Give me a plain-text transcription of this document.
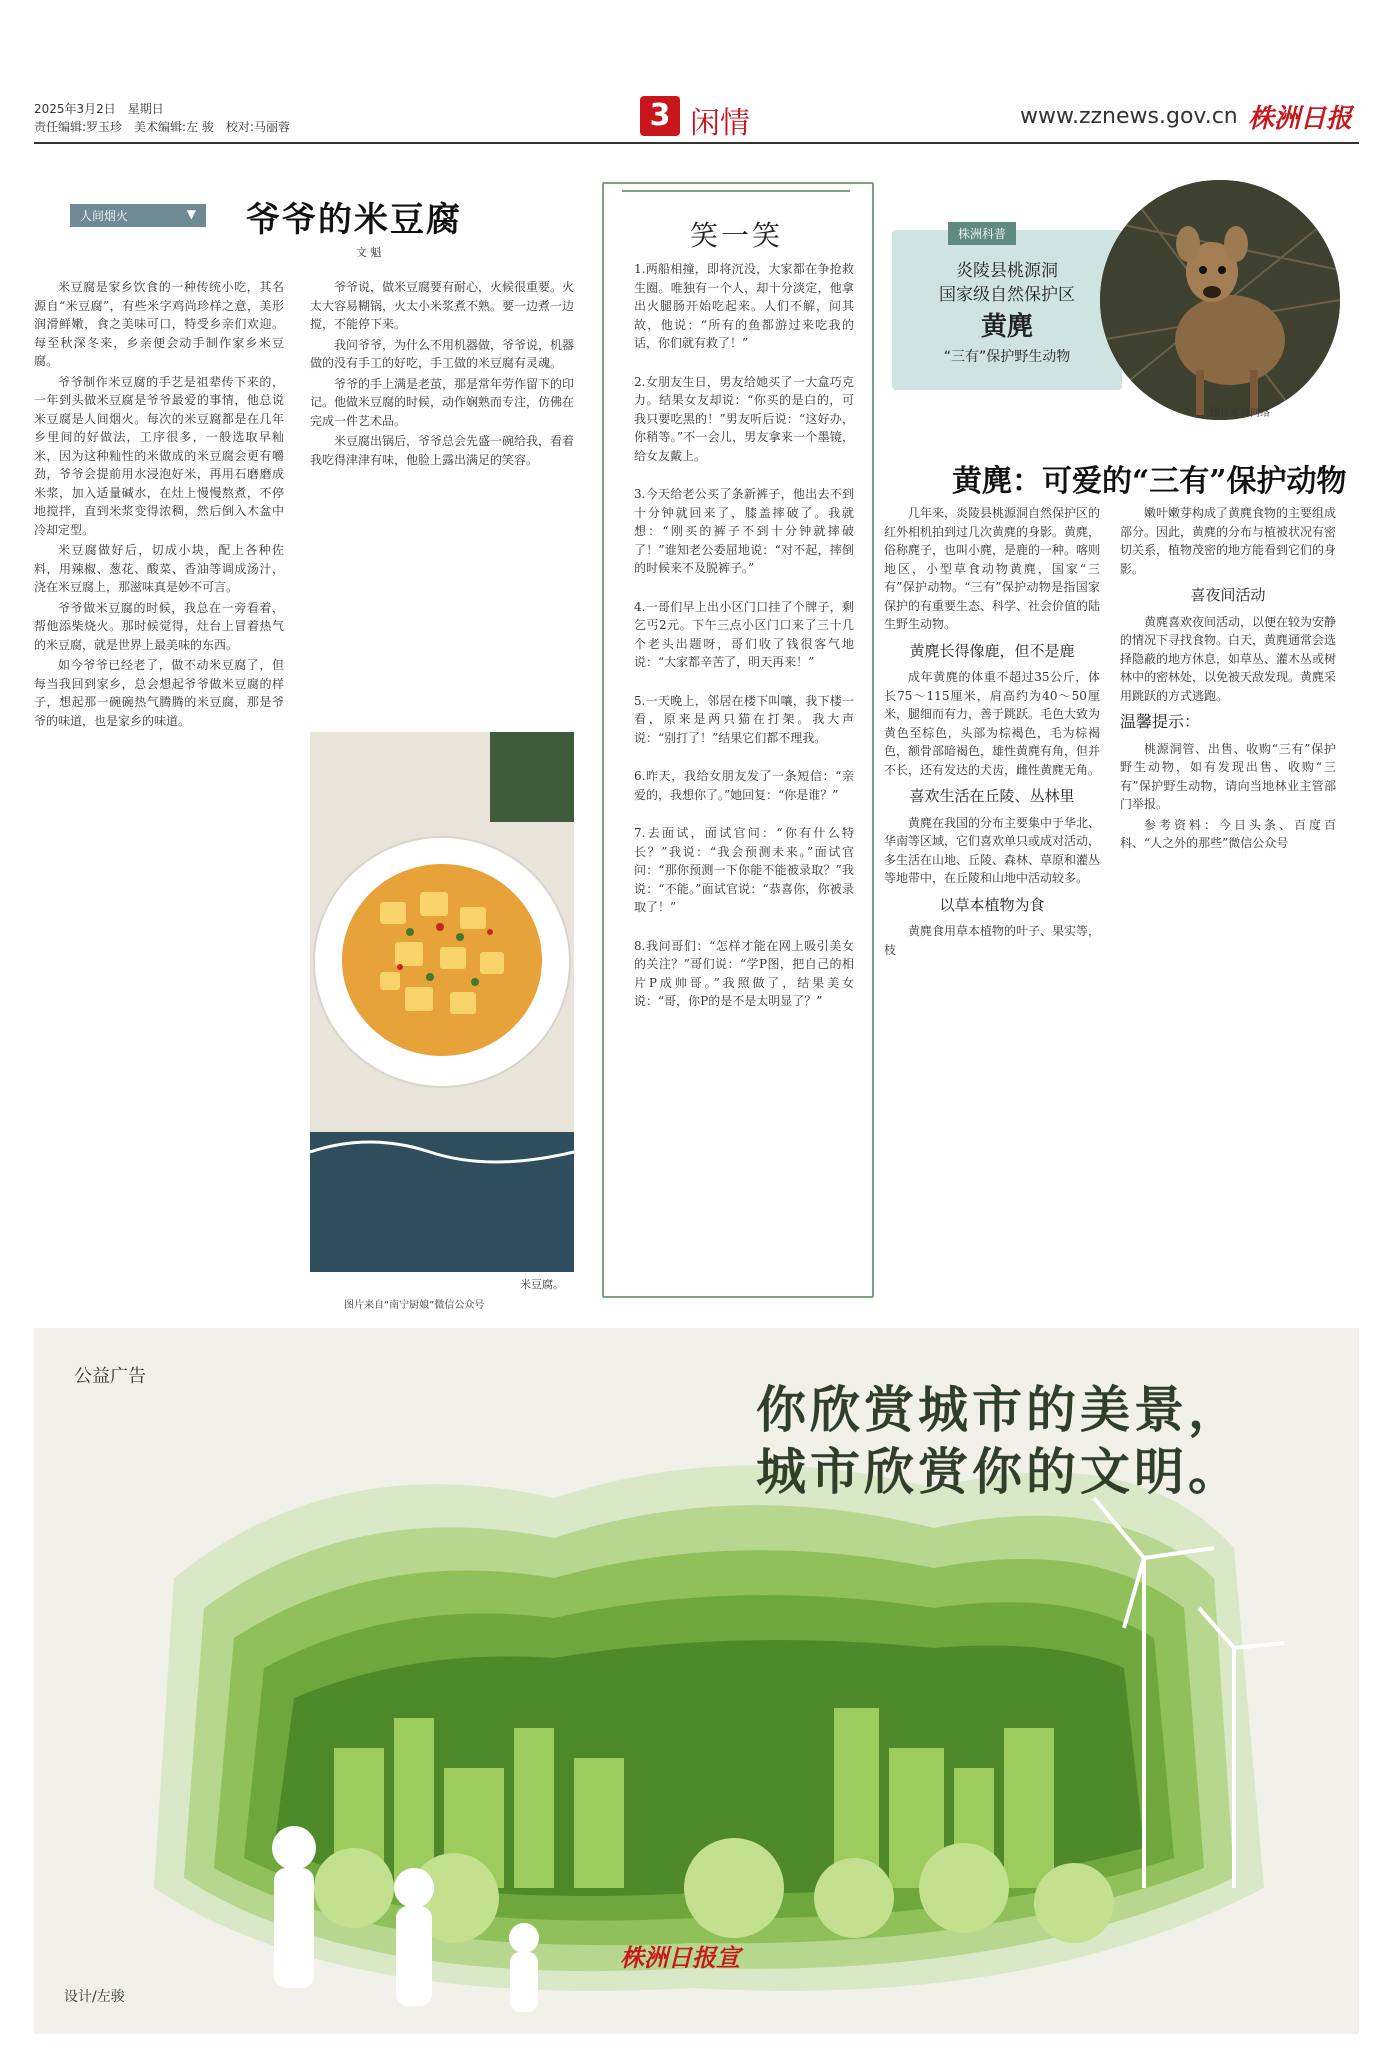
2025年3月2日　星期日
责任编辑:罗玉珍　美术编辑:左 骏　校对:马丽蓉	3 闲情	www.zznews.gov.cn 株洲日报
人间烟火	▼ 爷爷的米豆腐
文 魁

米豆腐是家乡饮食的一种传统小吃，其名源自“米豆腐”，有些米字鸡尚珍样之意，美形润滑鲜嫩，食之美味可口，特受乡亲们欢迎。每至秋深冬来，乡亲便会动手制作家乡米豆腐。

爷爷制作米豆腐的手艺是祖辈传下来的，一年到头做米豆腐是爷爷最爱的事情，他总说米豆腐是人间烟火。每次的米豆腐都是在几年乡里间的好做法，工序很多，一般选取早籼米，因为这种籼性的米做成的米豆腐会更有嚼劲，爷爷会提前用水浸泡好米，再用石磨磨成米浆，加入适量碱水，在灶上慢慢熬煮，不停地搅拌，直到米浆变得浓稠，然后倒入木盆中冷却定型。

米豆腐做好后，切成小块，配上各种佐料，用辣椒、葱花、酸菜、香油等调成汤汁，浇在米豆腐上，那滋味真是妙不可言。

爷爷做米豆腐的时候，我总在一旁看着，帮他添柴烧火。那时候觉得，灶台上冒着热气的米豆腐，就是世界上最美味的东西。

如今爷爷已经老了，做不动米豆腐了，但每当我回到家乡，总会想起爷爷做米豆腐的样子，想起那一碗碗热气腾腾的米豆腐，那是爷爷的味道，也是家乡的味道。

爷爷说，做米豆腐要有耐心，火候很重要。火太大容易糊锅，火太小米浆煮不熟。要一边煮一边搅，不能停下来。

我问爷爷，为什么不用机器做，爷爷说，机器做的没有手工的好吃，手工做的米豆腐有灵魂。

爷爷的手上满是老茧，那是常年劳作留下的印记。他做米豆腐的时候，动作娴熟而专注，仿佛在完成一件艺术品。

米豆腐出锅后，爷爷总会先盛一碗给我，看着我吃得津津有味，他脸上露出满足的笑容。

米豆腐。
图片来自“南宁厨娘”微信公众号
笑一笑

1.两船相撞，即将沉没，大家都在争抢救生圈。唯独有一个人，却十分淡定，他拿出火腿肠开始吃起来。人们不解，问其故，他说：“所有的鱼都游过来吃我的话，你们就有救了！”

2.女朋友生日，男友给她买了一大盒巧克力。结果女友却说：“你买的是白的，可我只要吃黑的！”男友听后说：“这好办，你稍等。”不一会儿，男友拿来一个墨镜，给女友戴上。

3.今天给老公买了条新裤子，他出去不到十分钟就回来了，膝盖摔破了。我就想：“刚买的裤子不到十分钟就摔破了！”谁知老公委屈地说：“对不起，摔倒的时候来不及脱裤子。”

4.一哥们早上出小区门口挂了个牌子，剩乞丐2元。下午三点小区门口来了三十几个老头出题呀，哥们收了钱很客气地说：“大家都辛苦了，明天再来！”

5.一天晚上，邻居在楼下叫嚷，我下楼一看，原来是两只猫在打架。我大声说：“别打了！”结果它们都不理我。

6.昨天，我给女朋友发了一条短信：“亲爱的，我想你了。”她回复：“你是谁？”

7.去面试，面试官问：“你有什么特长？”我说：“我会预测未来。”面试官问：“那你预测一下你能不能被录取？”我说：“不能。”面试官说：“恭喜你，你被录取了！”

8.我问哥们：“怎样才能在网上吸引美女的关注？”哥们说：“学P图，把自己的相片P成帅哥。”我照做了，结果美女说：“哥，你P的是不是太明显了？”

株洲科普
炎陵县桃源洞
国家级自然保护区
黄麂
“三有”保护野生动物
图片来自网络
黄麂：可爱的“三有”保护动物

几年来，炎陵县桃源洞自然保护区的红外相机拍到过几次黄麂的身影。黄麂，俗称麂子，也叫小麂，是鹿的一种。喀则地区，小型草食动物黄麂，国家“三有”保护动物。“三有”保护动物是指国家保护的有重要生态、科学、社会价值的陆生野生动物。

黄麂长得像鹿，但不是鹿

成年黄麂的体重不超过35公斤，体长75～115厘米，肩高约为40～50厘米，腿细而有力，善于跳跃。毛色大致为黄色至棕色，头部为棕褐色，毛为棕褐色，额骨部暗褐色，雄性黄麂有角，但并不长，还有发达的犬齿，雌性黄麂无角。

喜欢生活在丘陵、丛林里

黄麂在我国的分布主要集中于华北、华南等区域，它们喜欢单只或成对活动，多生活在山地、丘陵、森林、草原和灌丛等地带中，在丘陵和山地中活动较多。

以草本植物为食

黄麂食用草本植物的叶子、果实等，枝

嫩叶嫩芽构成了黄麂食物的主要组成部分。因此，黄麂的分布与植被状况有密切关系，植物茂密的地方能看到它们的身影。

喜夜间活动

黄麂喜欢夜间活动，以便在较为安静的情况下寻找食物。白天，黄麂通常会选择隐蔽的地方休息，如草丛、灌木丛或树林中的密林处，以免被天敌发现。黄麂采用跳跃的方式逃跑。

温馨提示：

桃源洞管、出售、收购“三有”保护野生动物，如有发现出售、收购“三有”保护野生动物，请向当地林业主管部门举报。

参考资料：今日头条、百度百科、“人之外的那些”微信公众号

公益广告
你欣赏城市的美景，
城市欣赏你的文明。
株洲日报宣
设计/左骏
